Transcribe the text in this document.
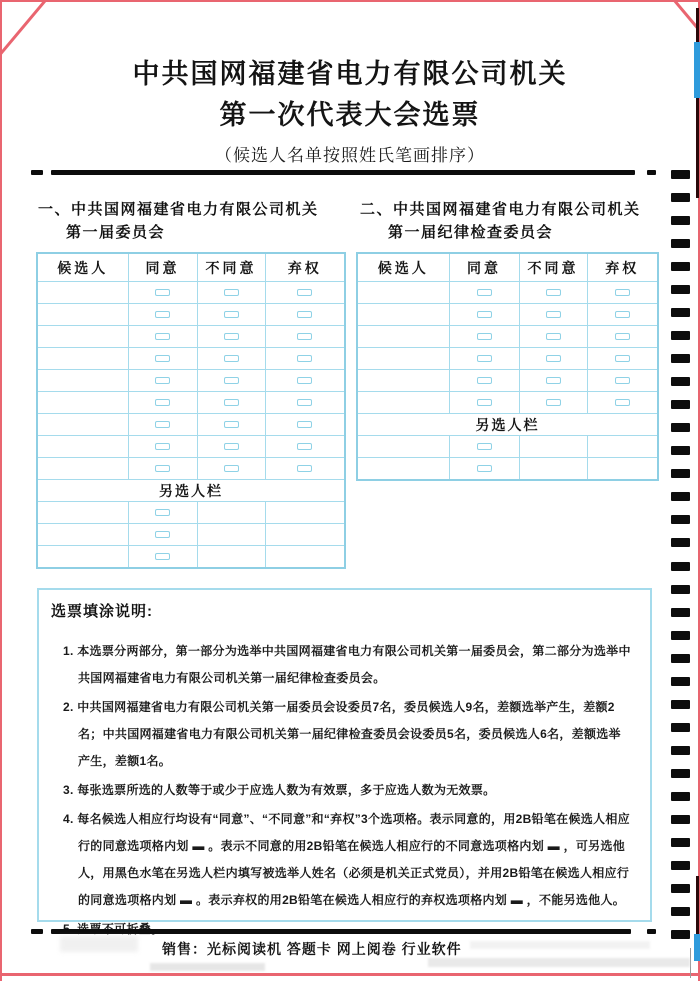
中共国网福建省电力有限公司机关
第一次代表大会选票
（候选人名单按照姓氏笔画排序）
一、中共国网福建省电力有限公司机关
第一届委员会
二、中共国网福建省电力有限公司机关
第一届纪律检查委员会
候选人	同意	不同意	弃权

另选人栏			

候选人	同意	不同意	弃权

另选人栏			

选票填涂说明:

1. 本选票分两部分，第一部分为选举中共国网福建省电力有限公司机关第一届委员会，第二部分为选举中共国网福建省电力有限公司机关第一届纪律检查委员会。

2. 中共国网福建省电力有限公司机关第一届委员会设委员7名，委员候选人9名，差额选举产生，差额2名；中共国网福建省电力有限公司机关第一届纪律检查委员会设委员5名，委员候选人6名，差额选举产生，差额1名。

3. 每张选票所选的人数等于或少于应选人数为有效票，多于应选人数为无效票。

4. 每名候选人相应行均设有“同意”、“不同意”和“弃权”3个选项格。表示同意的，用2B铅笔在候选人相应行的同意选项格内划 ▬ 。表示不同意的用2B铅笔在候选人相应行的不同意选项格内划 ▬ ，可另选他人，用黑色水笔在另选人栏内填写被选举人姓名（必须是机关正式党员），并用2B铅笔在候选人相应行的同意选项格内划 ▬ 。表示弃权的用2B铅笔在候选人相应行的弃权选项格内划 ▬ ，不能另选他人。

销售：光标阅读机 答题卡 网上阅卷 行业软件
